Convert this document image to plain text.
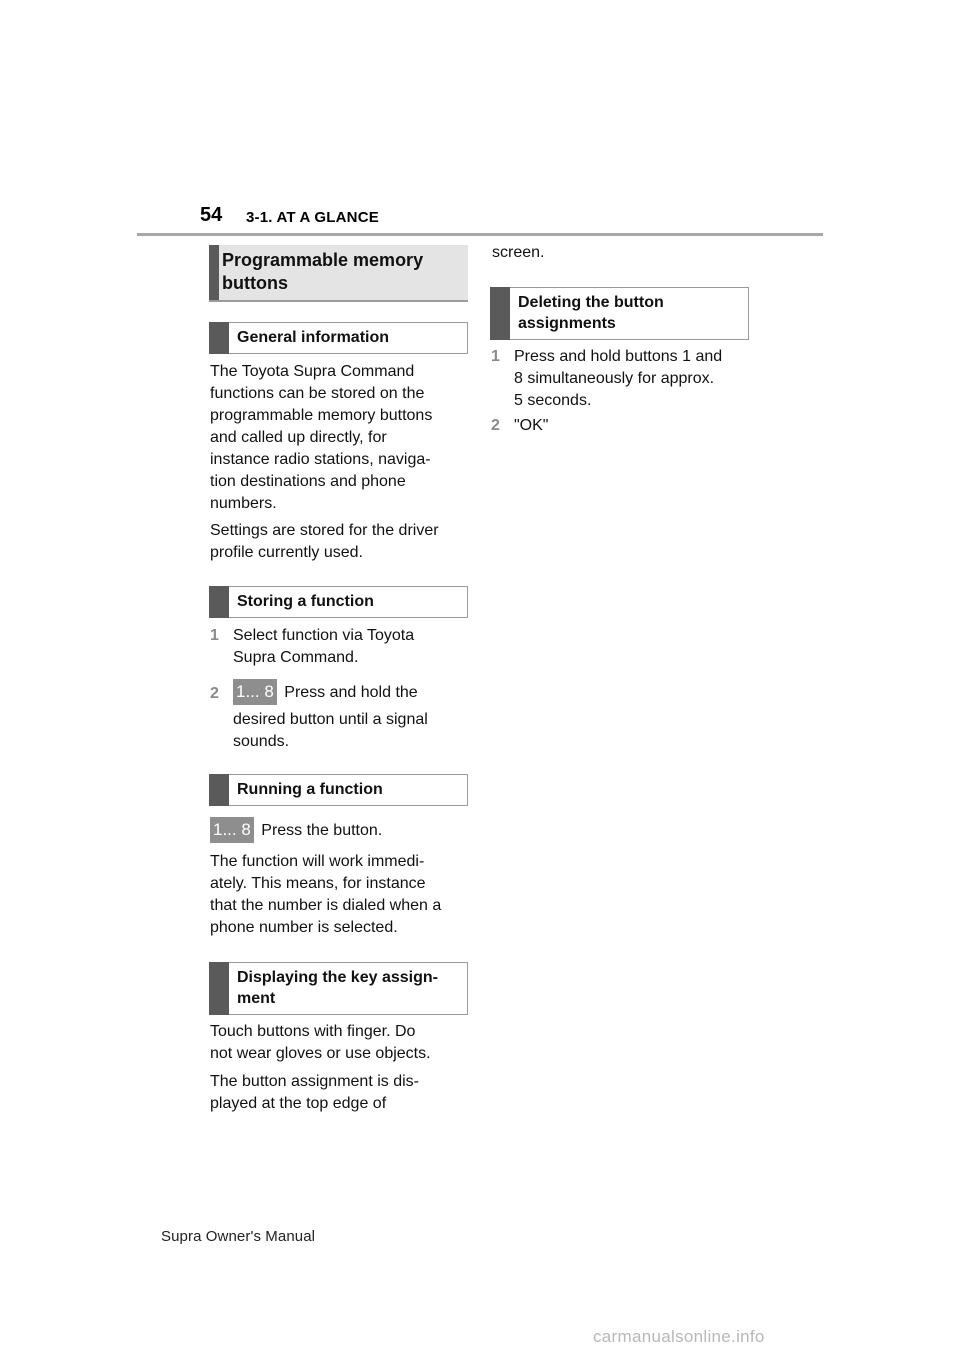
54 3-1. AT A GLANCE
Programmable memory buttons
General information
The Toyota Supra Command
functions can be stored on the
programmable memory buttons
and called up directly, for
instance radio stations, naviga-
tion destinations and phone
numbers.
Settings are stored for the driver
profile currently used.
Storing a function
1 Select function via Toyota
Supra Command.
2 1... 8 Press and hold the
desired button until a signal
sounds.
Running a function
1... 8 Press the button.
The function will work immedi-
ately. This means, for instance
that the number is dialed when a
phone number is selected.
Displaying the key assign-
ment
Touch buttons with finger. Do
not wear gloves or use objects.
The button assignment is dis-
played at the top edge of
screen.
Deleting the button
assignments
1 Press and hold buttons 1 and
8 simultaneously for approx.
5 seconds.
2 "OK"
Supra Owner's Manual
carmanualsonline.info
